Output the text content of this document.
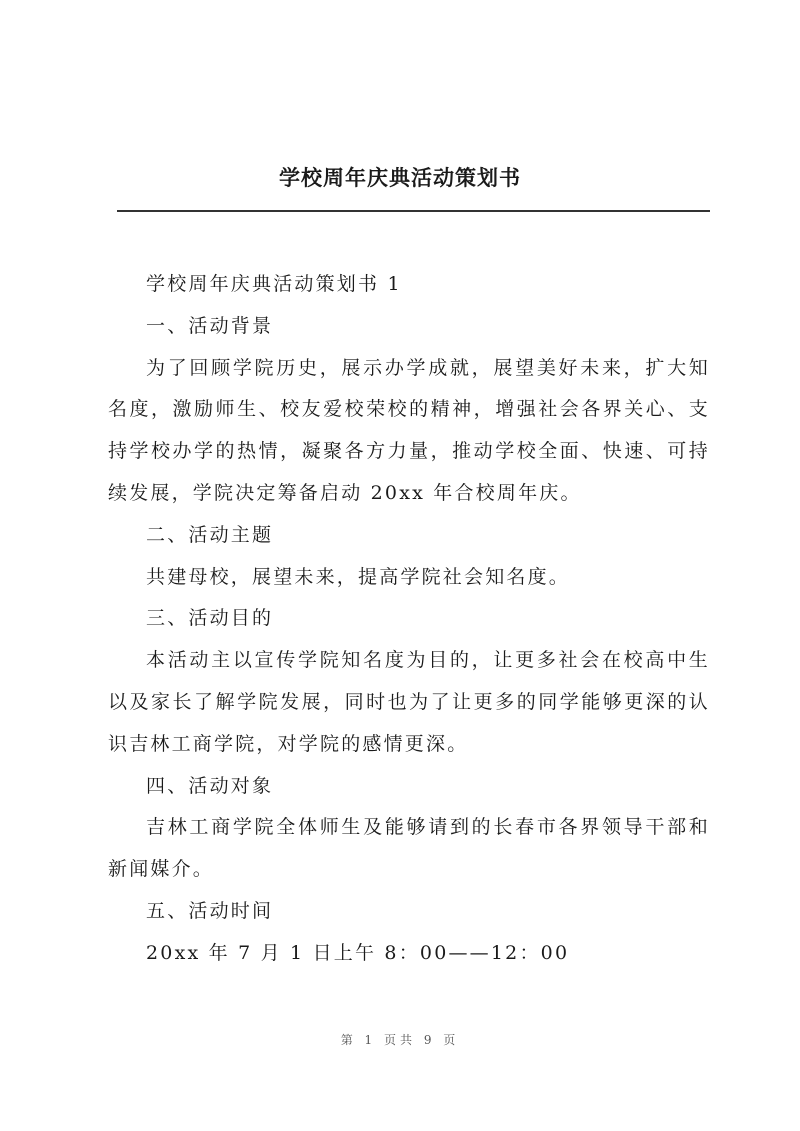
学校周年庆典活动策划书

学校周年庆典活动策划书 1

一、活动背景

为了回顾学院历史，展示办学成就，展望美好未来，扩大知名度，激励师生、校友爱校荣校的精神，增强社会各界关心、支持学校办学的热情，凝聚各方力量，推动学校全面、快速、可持续发展，学院决定筹备启动 20xx 年合校周年庆。

二、活动主题

共建母校，展望未来，提高学院社会知名度。

三、活动目的

本活动主以宣传学院知名度为目的，让更多社会在校高中生以及家长了解学院发展，同时也为了让更多的同学能够更深的认识吉林工商学院，对学院的感情更深。

四、活动对象

吉林工商学院全体师生及能够请到的长春市各界领导干部和新闻媒介。

五、活动时间

20xx 年 7 月 1 日上午 8：00——12：00

第 1 页共 9 页
